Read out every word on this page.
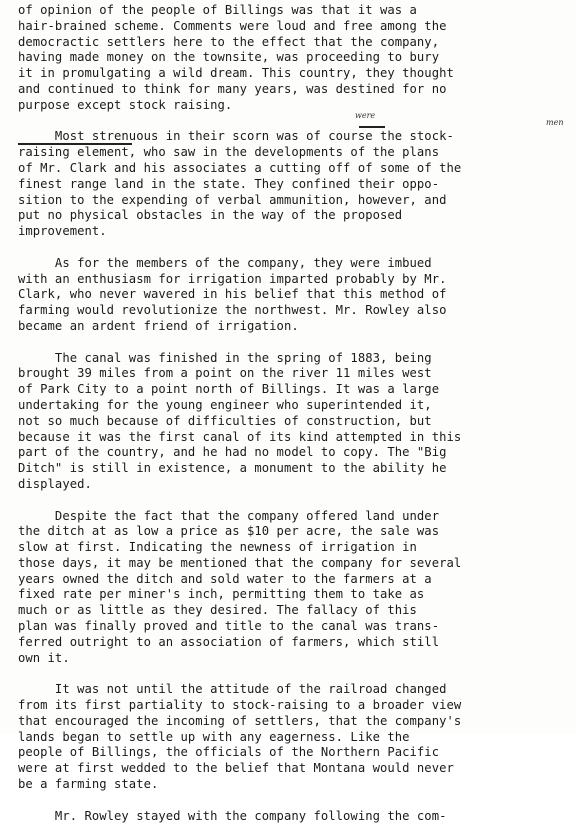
of opinion of the people of Billings was that it was a
hair-brained scheme. Comments were loud and free among the
democractic settlers here to the effect that the company,
having made money on the townsite, was proceeding to bury
it in promulgating a wild dream. This country, they thought
and continued to think for many years, was destined for no
purpose except stock raising.
Most strenuous in their scorn was of course the stock-
raising element, who saw in the developments of the plans
of Mr. Clark and his associates a cutting off of some of the
finest range land in the state. They confined their oppo-
sition to the expending of verbal ammunition, however, and
put no physical obstacles in the way of the proposed
improvement.
As for the members of the company, they were imbued
with an enthusiasm for irrigation imparted probably by Mr.
Clark, who never wavered in his belief that this method of
farming would revolutionize the northwest. Mr. Rowley also
became an ardent friend of irrigation.
The canal was finished in the spring of 1883, being
brought 39 miles from a point on the river 11 miles west
of Park City to a point north of Billings. It was a large
undertaking for the young engineer who superintended it,
not so much because of difficulties of construction, but
because it was the first canal of its kind attempted in this
part of the country, and he had no model to copy. The "Big
Ditch" is still in existence, a monument to the ability he
displayed.
Despite the fact that the company offered land under
the ditch at as low a price as $10 per acre, the sale was
slow at first. Indicating the newness of irrigation in
those days, it may be mentioned that the company for several
years owned the ditch and sold water to the farmers at a
fixed rate per miner's inch, permitting them to take as
much or as little as they desired. The fallacy of this
plan was finally proved and title to the canal was trans-
ferred outright to an association of farmers, which still
own it.
It was not until the attitude of the railroad changed
from its first partiality to stock-raising to a broader view
that encouraged the incoming of settlers, that the company's
lands began to settle up with any eagerness. Like the
people of Billings, the officials of the Northern Pacific
were at first wedded to the belief that Montana would never
be a farming state.
Mr. Rowley stayed with the company following the com-
were
men
